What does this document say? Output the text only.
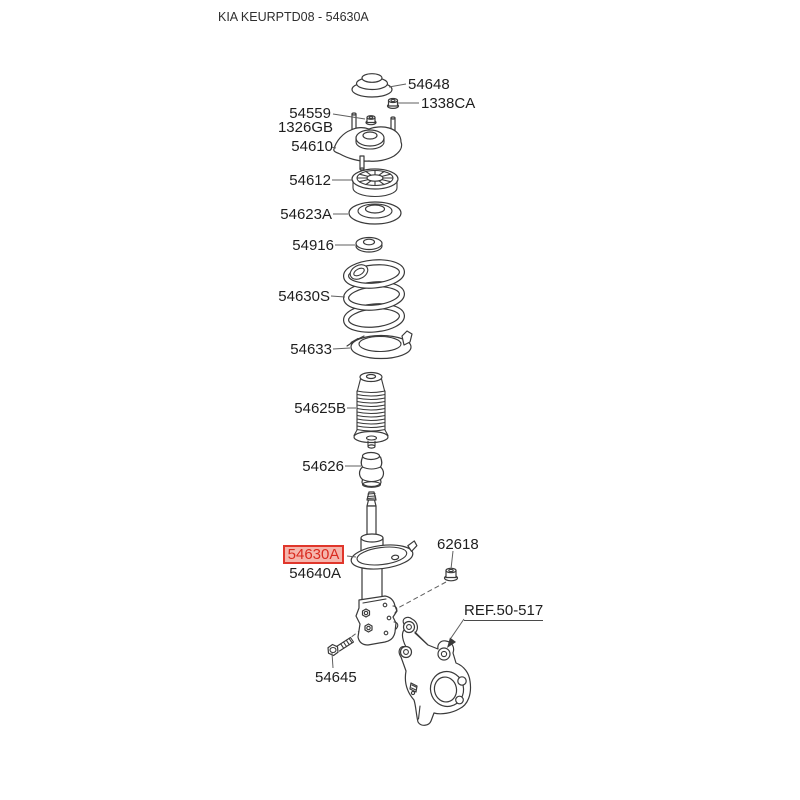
KIA KEURPTD08 - 54630A
54648
1338CA
54559
1326GB
54610
54612
54623A
54916
54630S
54633
54625B
54626
54630A
54640A
62618
REF.50-517
54645
